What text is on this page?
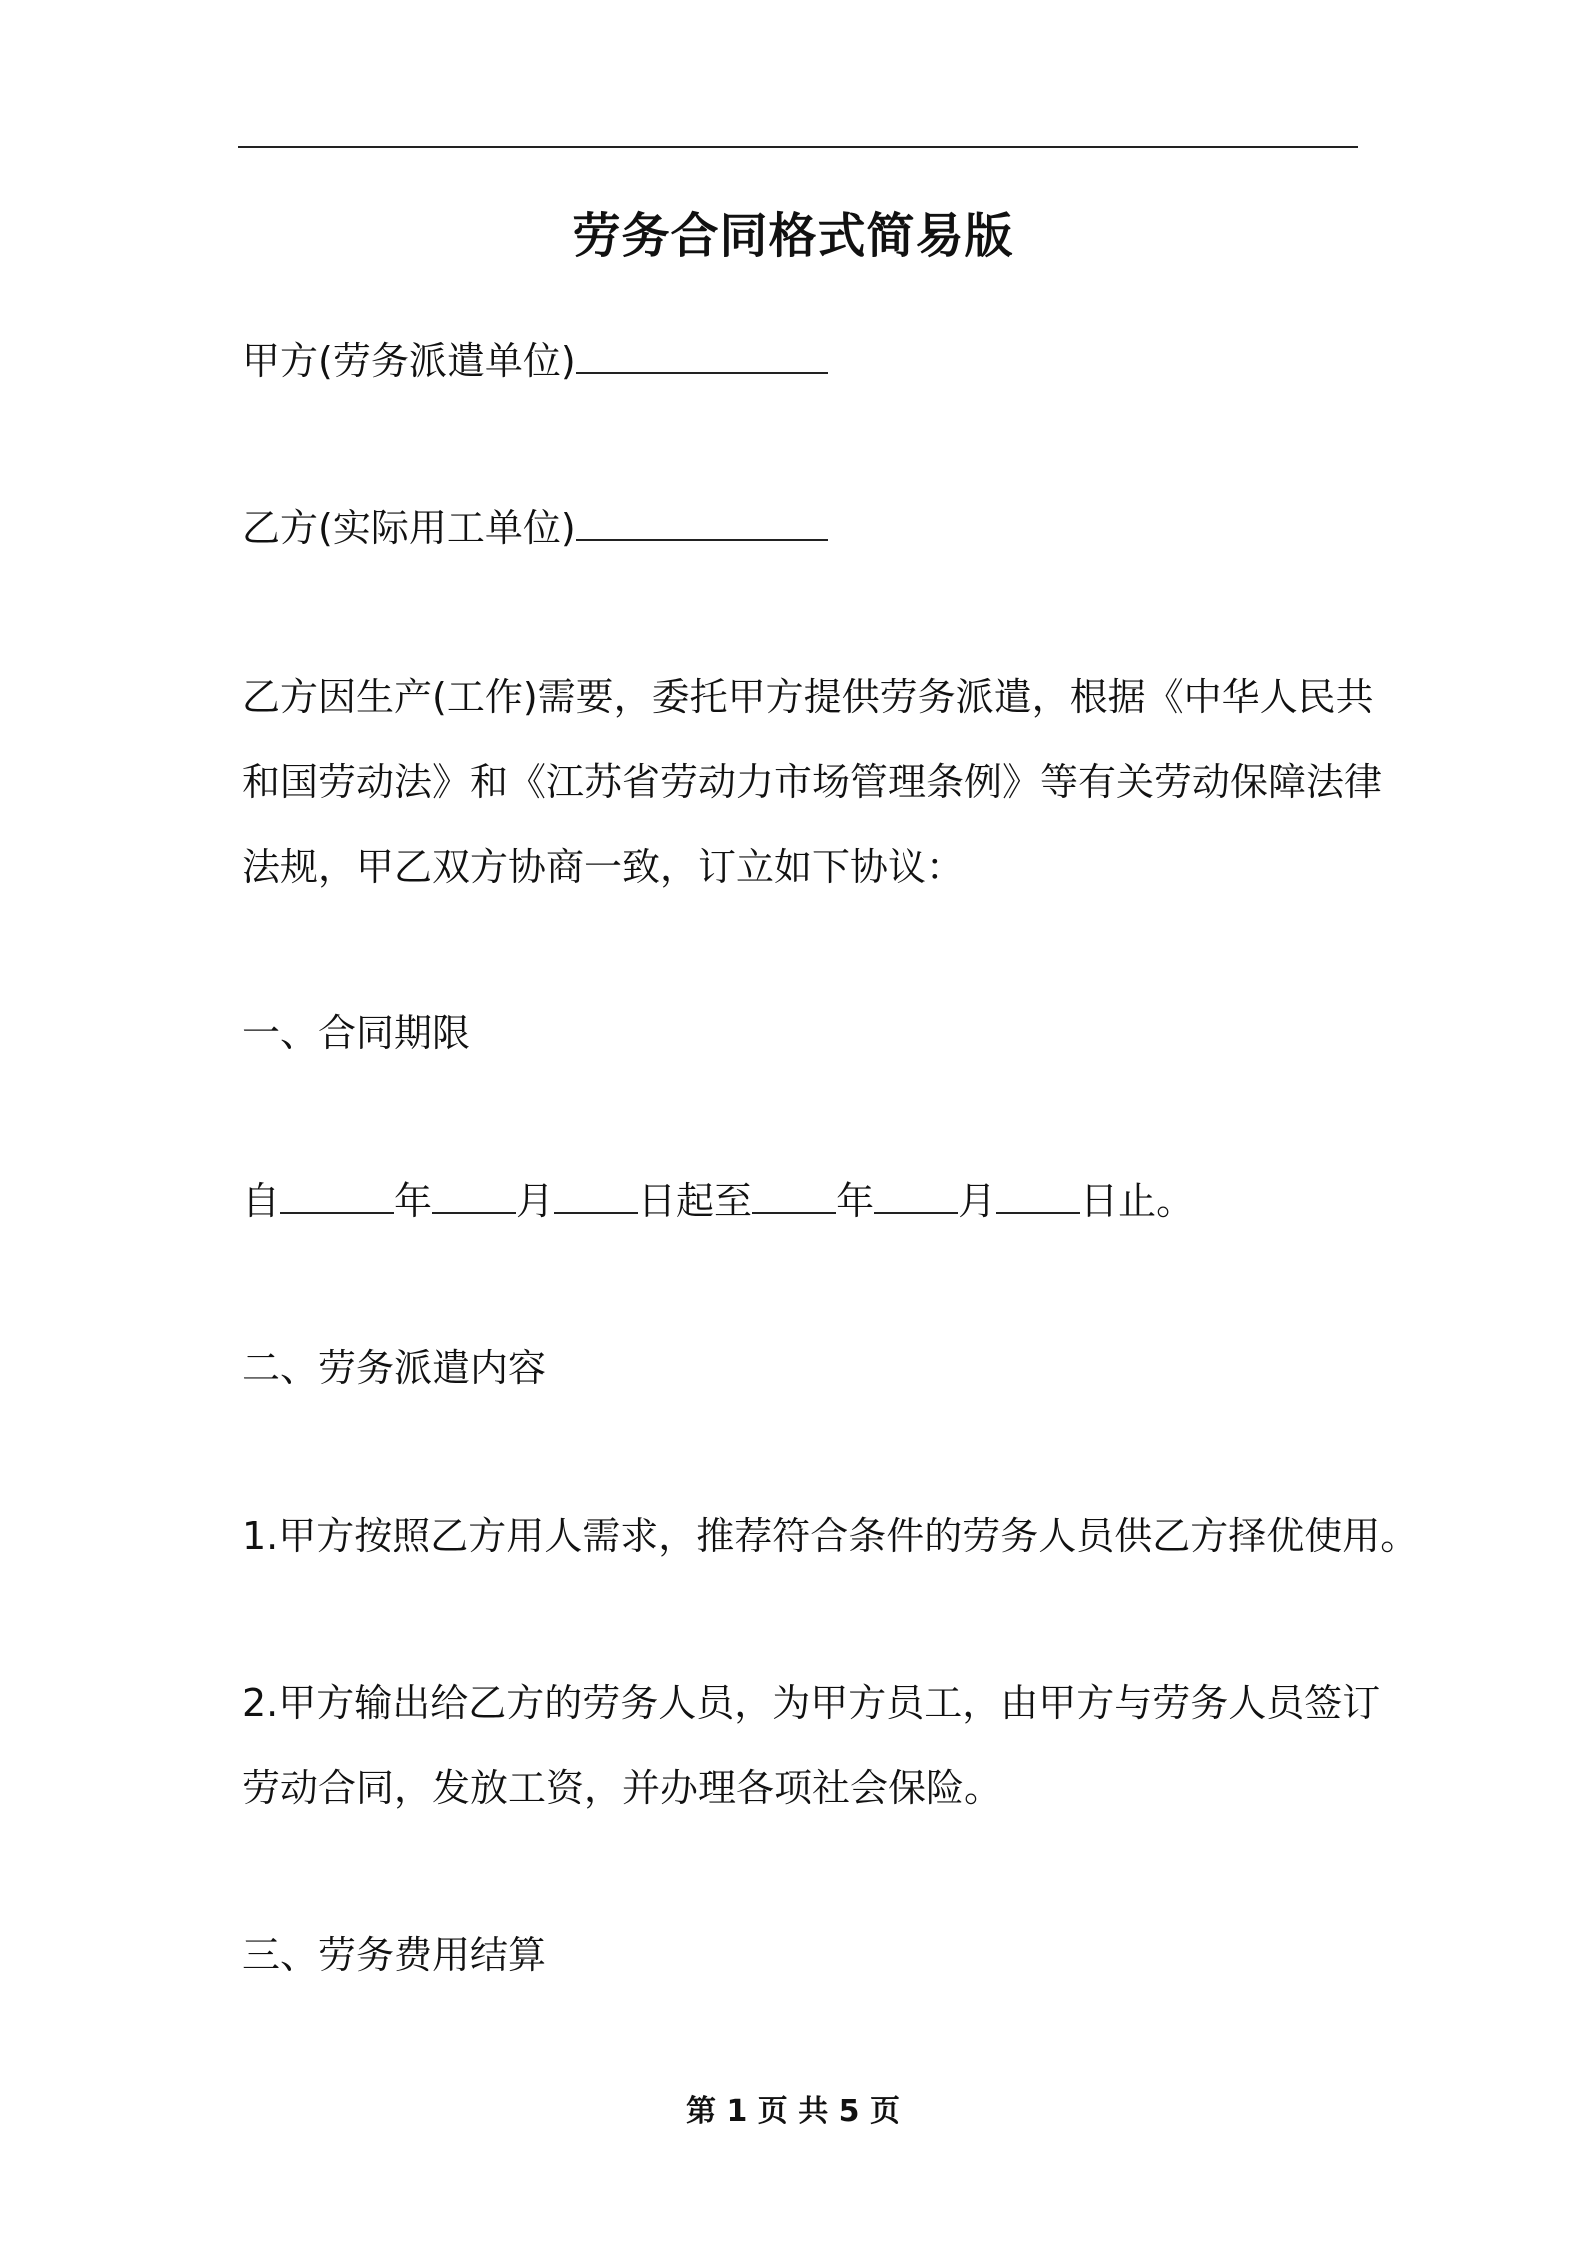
劳务合同格式简易版
甲方(劳务派遣单位)
乙方(实际用工单位)
乙方因生产(工作)需要，委托甲方提供劳务派遣，根据《中华人民共
和国劳动法》和《江苏省劳动力市场管理条例》等有关劳动保障法律
法规，甲乙双方协商一致，订立如下协议：
一、合同期限
自	年 月 日起至 年 月 日止。
二、劳务派遣内容
1.甲方按照乙方用人需求，推荐符合条件的劳务人员供乙方择优使用。
2.甲方输出给乙方的劳务人员，为甲方员工，由甲方与劳务人员签订
劳动合同，发放工资，并办理各项社会保险。
三、劳务费用结算
第 1 页 共 5 页
